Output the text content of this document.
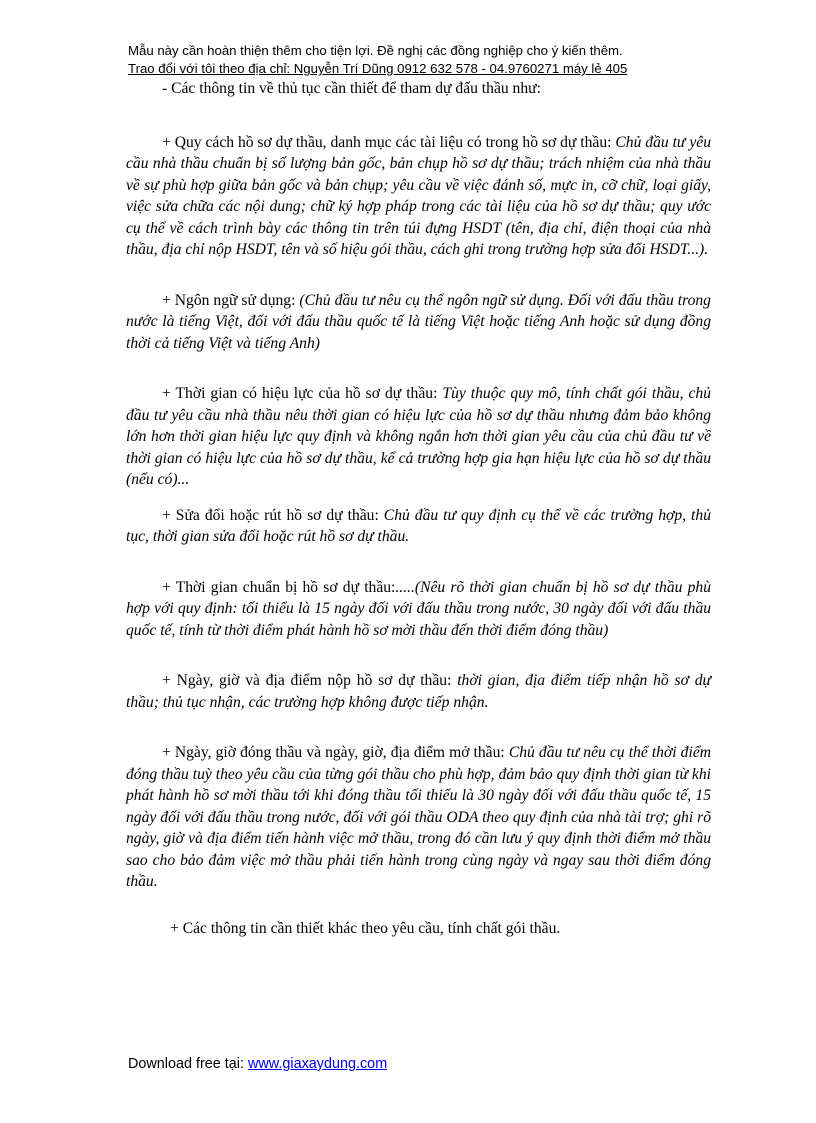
Mẫu này cần hoàn thiện thêm cho tiện lợi. Đề nghị các đồng nghiệp cho ý kiến thêm.
Trao đổi với tôi theo địa chỉ: Nguyễn Trí Dũng 0912 632 578 - 04.9760271 máy lẻ 405

- Các thông tin về thủ tục cần thiết để tham dự đấu thầu như:

+ Quy cách hồ sơ dự thầu, danh mục các tài liệu có trong hồ sơ dự thầu: Chủ đầu tư yêu cầu nhà thầu chuẩn bị số lượng bản gốc, bản chụp hồ sơ dự thầu; trách nhiệm của nhà thầu về sự phù hợp giữa bản gốc và bản chụp; yêu cầu về việc đánh số, mực in, cỡ chữ, loại giấy, việc sửa chữa các nội dung; chữ ký hợp pháp trong các tài liệu của hồ sơ dự thầu; quy ước cụ thể về cách trình bày các thông tin trên túi đựng HSDT (tên, địa chỉ, điện thoại của nhà thầu, địa chỉ nộp HSDT, tên và số hiệu gói thầu, cách ghi trong trường hợp sửa đổi HSDT...).

+ Ngôn ngữ sử dụng: (Chủ đầu tư nêu cụ thể ngôn ngữ sử dụng. Đối với đấu thầu trong nước là tiếng Việt, đối với đấu thầu quốc tế là tiếng Việt hoặc tiếng Anh hoặc sử dụng đồng thời cả tiếng Việt và tiếng Anh)

+ Thời gian có hiệu lực của hồ sơ dự thầu: Tùy thuộc quy mô, tính chất gói thầu, chủ đầu tư yêu cầu nhà thầu nêu thời gian có hiệu lực của hồ sơ dự thầu nhưng đảm bảo không lớn hơn thời gian hiệu lực quy định và không ngắn hơn thời gian yêu cầu của chủ đầu tư về thời gian có hiệu lực của hồ sơ dự thầu, kể cả trường hợp gia hạn hiệu lực của hồ sơ dự thầu (nếu có)...

+ Sửa đổi hoặc rút hồ sơ dự thầu: Chủ đầu tư quy định cụ thể về các trường hợp, thủ tục, thời gian sửa đổi hoặc rút hồ sơ dự thầu.

+ Thời gian chuẩn bị hồ sơ dự thầu:.....(Nêu rõ thời gian chuẩn bị hồ sơ dự thầu phù hợp với quy định: tối thiểu là 15 ngày đối với đấu thầu trong nước, 30 ngày đối với đấu thầu quốc tế, tính từ thời điểm phát hành hồ sơ mời thầu đến thời điểm đóng thầu)

+ Ngày, giờ và địa điểm nộp hồ sơ dự thầu: thời gian, địa điểm tiếp nhận hồ sơ dự thầu; thủ tục nhận, các trường hợp không được tiếp nhận.

+ Ngày, giờ đóng thầu và ngày, giờ, địa điểm mở thầu: Chủ đầu tư nêu cụ thể thời điểm đóng thầu tuỳ theo yêu cầu của từng gói thầu cho phù hợp, đảm bảo quy định thời gian từ khi phát hành hồ sơ mời thầu tới khi đóng thầu tối thiểu là 30 ngày đối với đấu thầu quốc tế, 15 ngày đối với đấu thầu trong nước, đối với gói thầu ODA theo quy định của nhà tài trợ; ghi rõ ngày, giờ và địa điểm tiến hành việc mở thầu, trong đó cần lưu ý quy định thời điểm mở thầu sao cho bảo đảm việc mở thầu phải tiến hành trong cùng ngày và ngay sau thời điểm đóng thầu.

+ Các thông tin cần thiết khác theo yêu cầu, tính chất gói thầu.

Download free tại: www.giaxaydung.com
